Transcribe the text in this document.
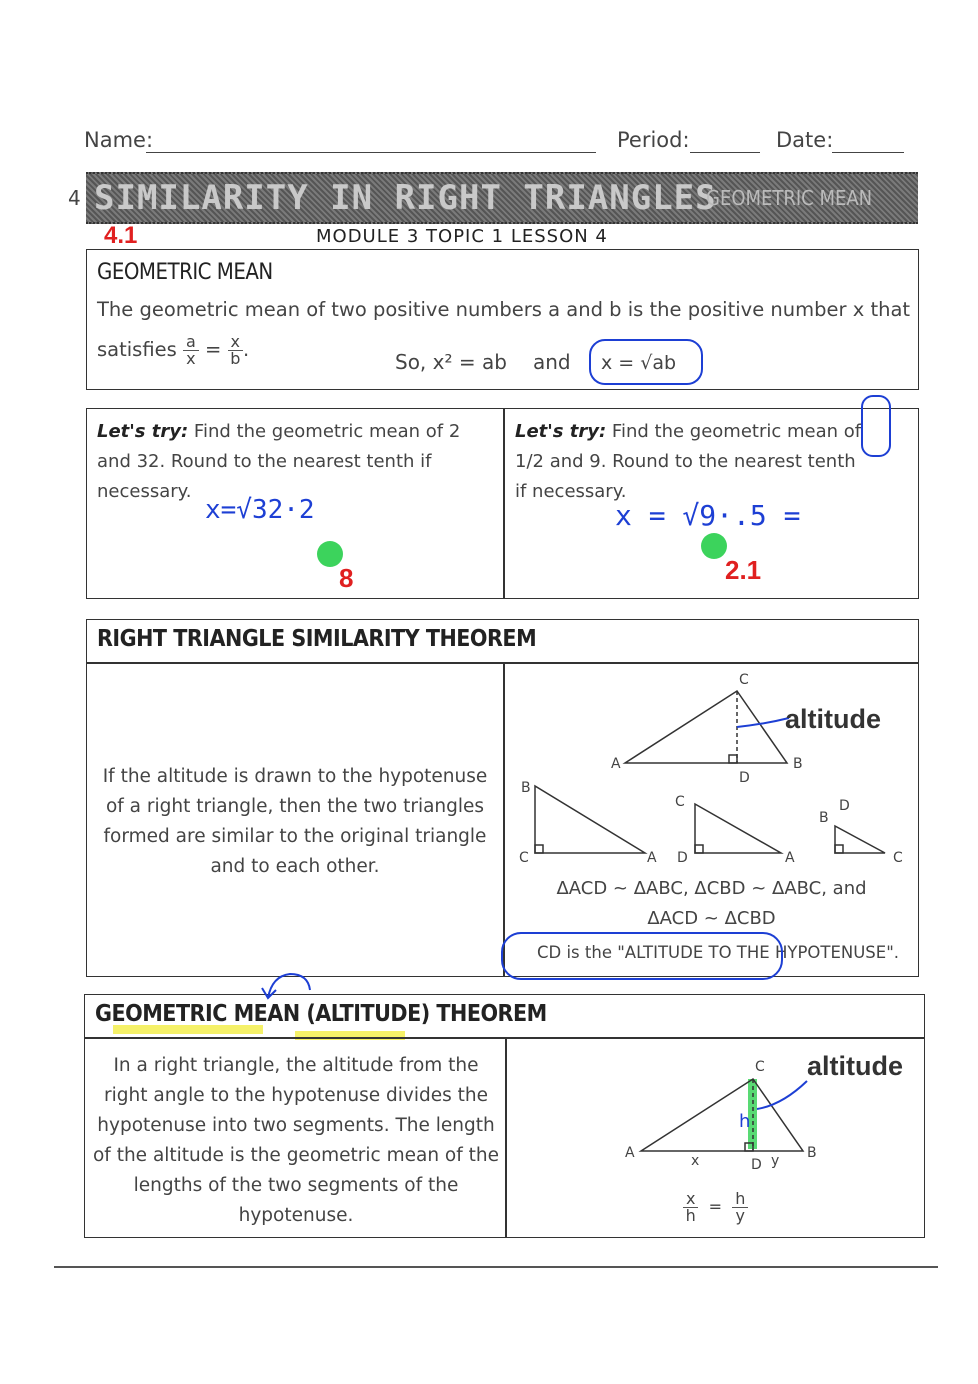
Name:	Period:	Date:
4 SIMILARITY IN RIGHT TRIANGLES
GEOMETRIC MEAN
4.1	MODULE 3 TOPIC 1 LESSON 4
GEOMETRIC MEAN
The geometric mean of two positive numbers a and b is the positive number x that
satisfies $\frac{a}{x} = \frac{x}{b}$ .
So, x² = ab and x = √ab
Let's try: Find the geometric mean of 2 and 32. Round to the nearest tenth if necessary.
x=√32·2
8
Let's try: Find the geometric mean of 1/2 and 9. Round to the nearest tenth if necessary.
x = √9·.5 =
2.1
RIGHT TRIANGLE SIMILARITY THEOREM
If the altitude is drawn to the hypotenuse of a right triangle, then the two triangles formed are similar to the original triangle and to each other.
C
A
D
B
B
C	A
C
D	A
B
D
C
altitude
ΔACD ~ ΔABC, ΔCBD ~ ΔABC, and
ΔACD ~ ΔCBD
CD is the "ALTITUDE TO THE HYPOTENUSE".
GEOMETRIC MEAN (ALTITUDE) THEOREM
In a right triangle, the altitude from the right angle to the hypotenuse divides the hypotenuse into two segments. The length of the altitude is the geometric mean of the lengths of the two segments of the hypotenuse.
C
A
D
B
x	y
h
altitude
$\frac{x}{h} = \frac{h}{y}$
